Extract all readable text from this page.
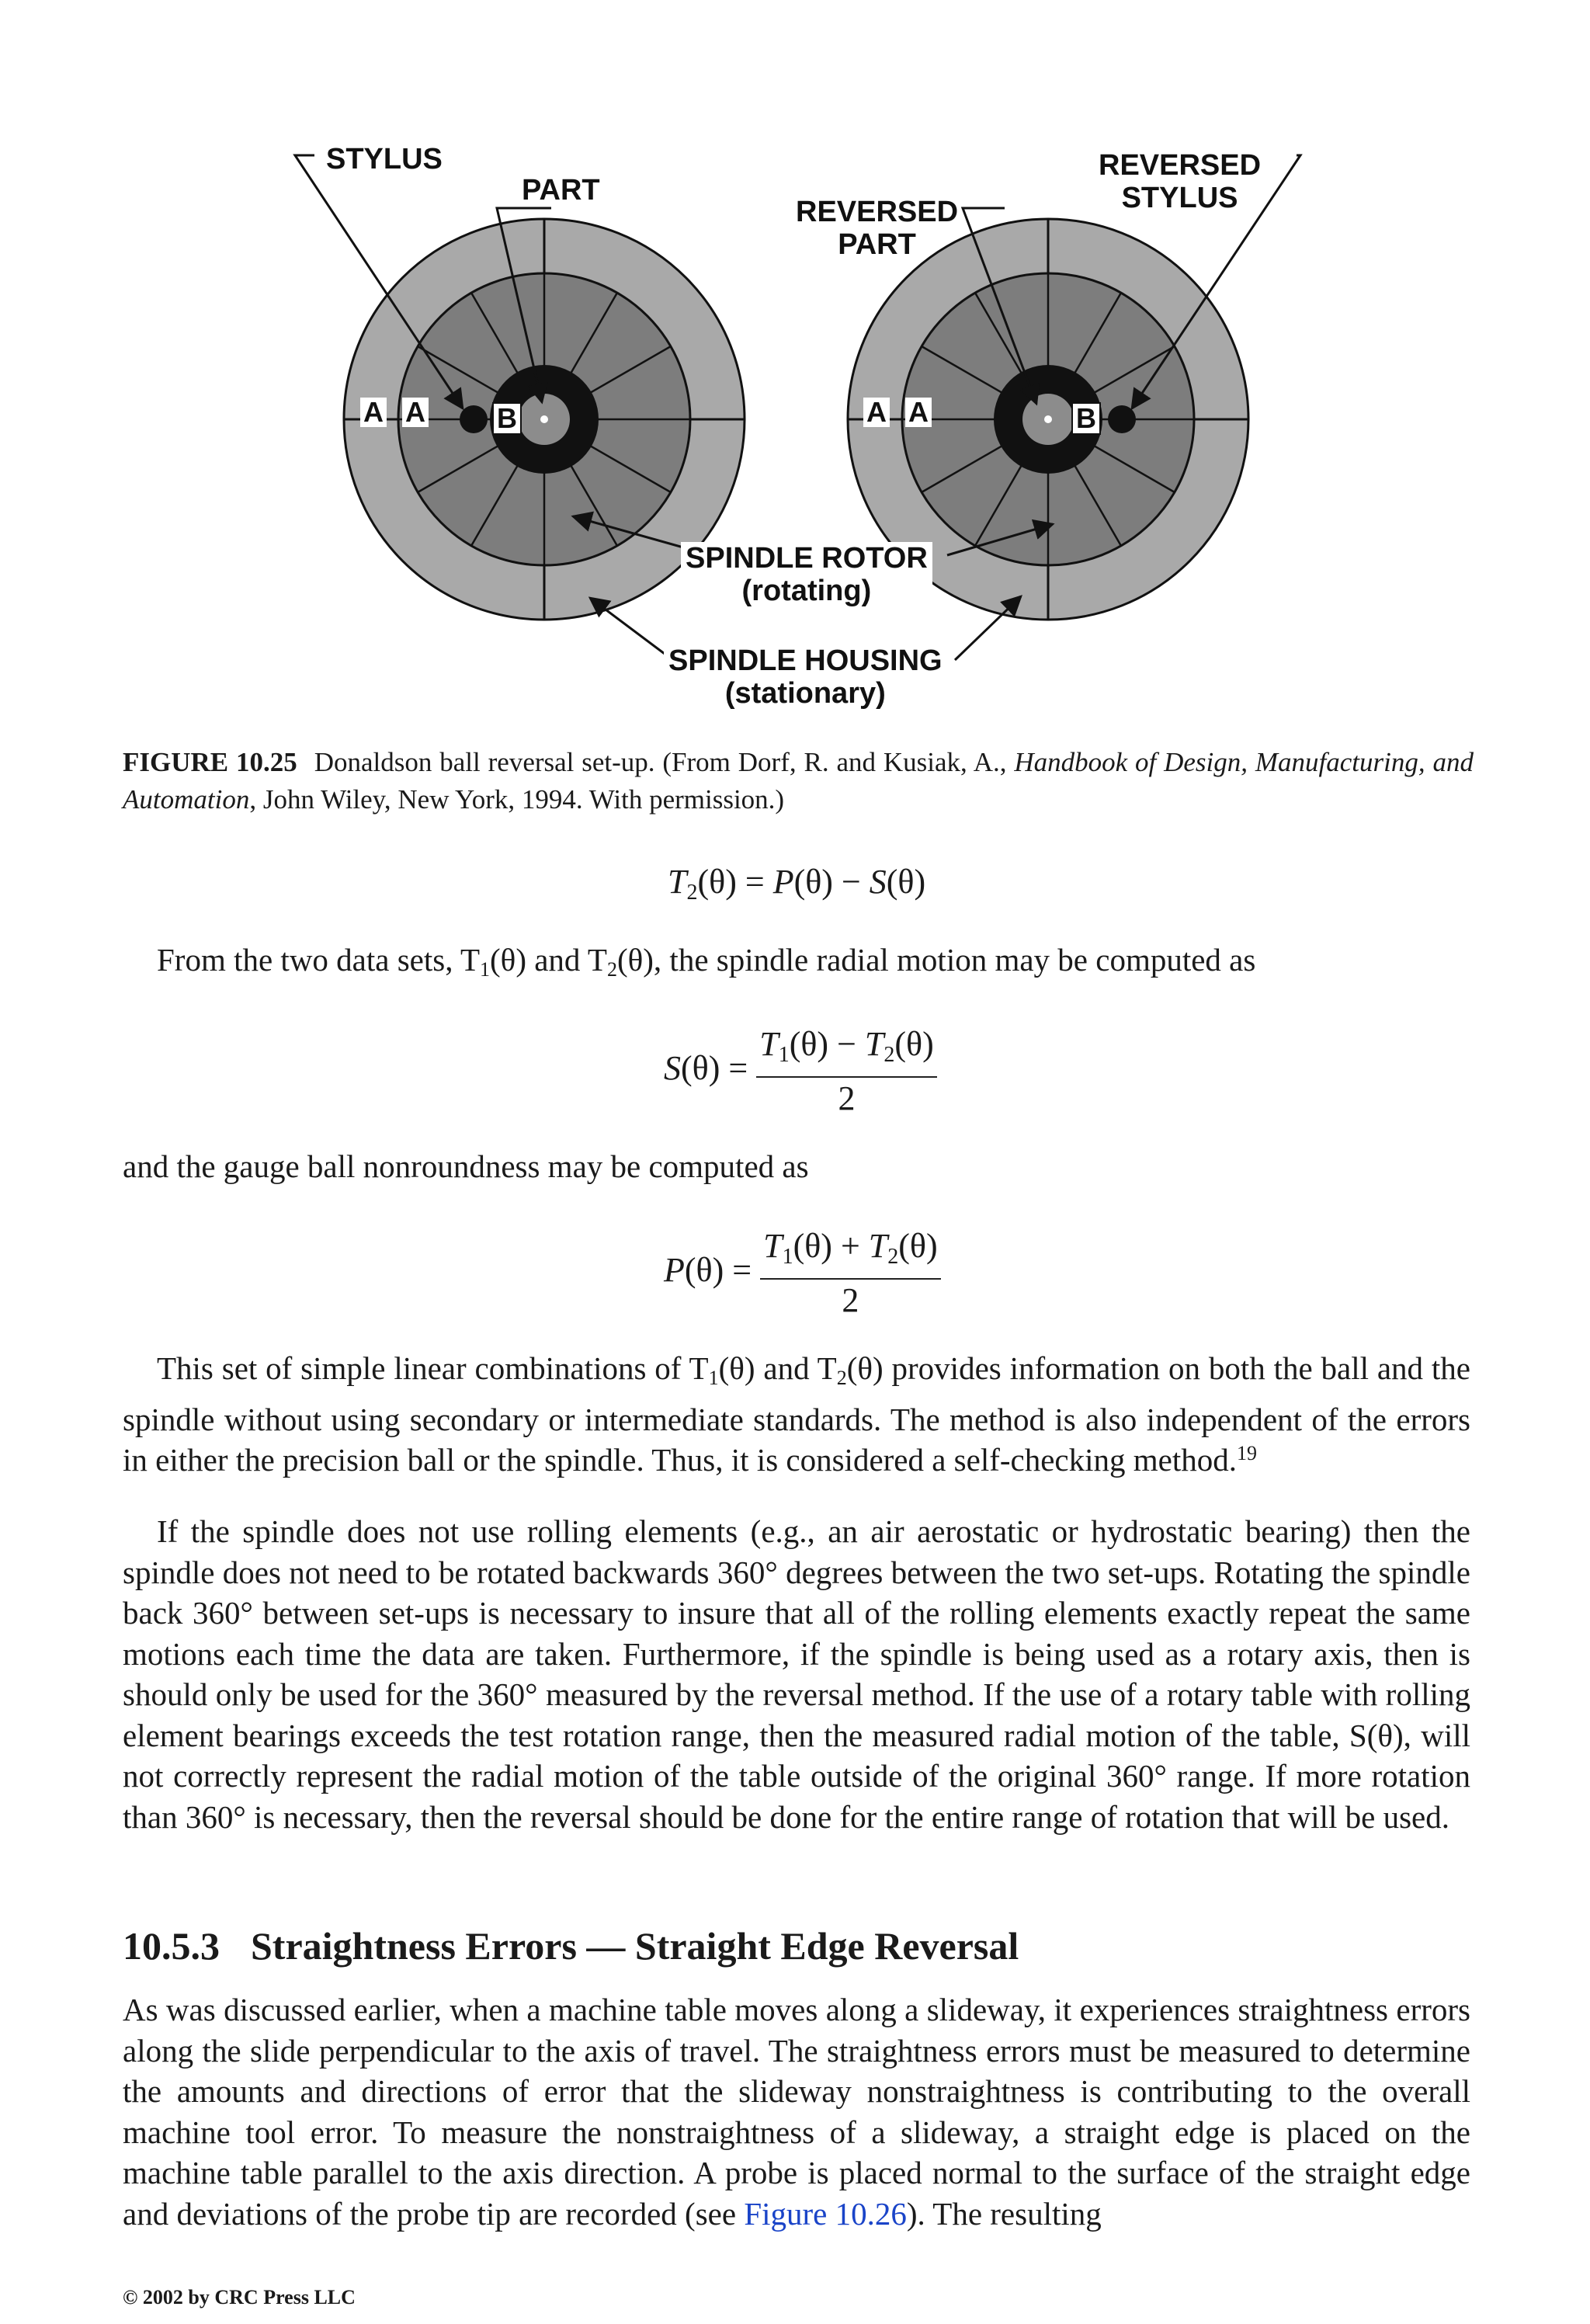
STYLUS
PART
REVERSED
PART
REVERSED
STYLUS
SPINDLE ROTOR
(rotating)
SPINDLE HOUSING
(stationary)
A A	B	A A	B
FIGURE 10.25 Donaldson ball reversal set-up. (From Dorf, R. and Kusiak, A., Handbook of Design, Manufacturing, and Automation, John Wiley, New York, 1994. With permission.)
$T_2(\theta) = P(\theta) - S(\theta)$
From the two data sets, $T_1(\theta)$ and $T_2(\theta)$, the spindle radial motion may be computed as
$S(\theta) = \frac{T_1(\theta) - T_2(\theta)}{2}$
and the gauge ball nonroundness may be computed as
$P(\theta) = \frac{T_1(\theta) + T_2(\theta)}{2}$
This set of simple linear combinations of $T_1(\theta)$ and $T_2(\theta)$ provides information on both the ball and the spindle without using secondary or intermediate standards. The method is also independent of the errors in either the precision ball or the spindle. Thus, it is considered a self-checking method.$^{19}$
If the spindle does not use rolling elements (e.g., an air aerostatic or hydrostatic bearing) then the spindle does not need to be rotated backwards 360° degrees between the two set-ups. Rotating the spindle back 360° between set-ups is necessary to insure that all of the rolling elements exactly repeat the same motions each time the data are taken. Furthermore, if the spindle is being used as a rotary axis, then is should only be used for the 360° measured by the reversal method. If the use of a rotary table with rolling element bearings exceeds the test rotation range, then the measured radial motion of the table, S(θ), will not correctly represent the radial motion of the table outside of the original 360° range. If more rotation than 360° is necessary, then the reversal should be done for the entire range of rotation that will be used.
10.5.3 Straightness Errors — Straight Edge Reversal
As was discussed earlier, when a machine table moves along a slideway, it experiences straightness errors along the slide perpendicular to the axis of travel. The straightness errors must be measured to determine the amounts and directions of error that the slideway nonstraightness is contributing to the overall machine tool error. To measure the nonstraightness of a slideway, a straight edge is placed on the machine table parallel to the axis direction. A probe is placed normal to the surface of the straight edge and deviations of the probe tip are recorded (see Figure 10.26). The resulting
© 2002 by CRC Press LLC
